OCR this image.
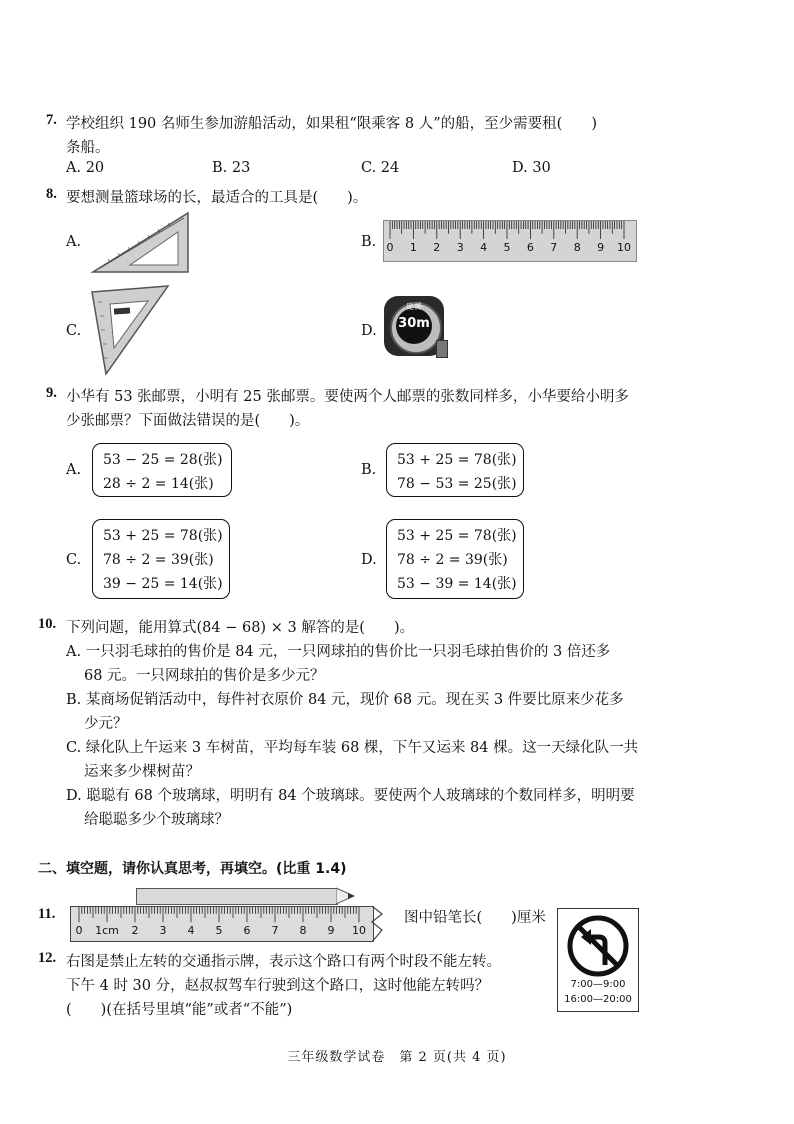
7. 学校组织 190 名师生参加游船活动，如果租“限乘客 8 人”的船，至少需要租(　　)
条船。
A. 20	B. 23	C. 24	D. 30
8. 要想测量篮球场的长，最适合的工具是(　　)。
A.	B. 0	1	2	3	4	5	6	7	8	9	10
C.	D.
庞赟
30m
9. 小华有 53 张邮票，小明有 25 张邮票。要使两个人邮票的张数同样多，小华要给小明多
少张邮票？下面做法错误的是(　　)。
A.
53 − 25 = 28(张)
28 ÷ 2 = 14(张)
B.
53 + 25 = 78(张)
78 − 53 = 25(张)
C.
53 + 25 = 78(张)
78 ÷ 2 = 39(张)
39 − 25 = 14(张)
D.
53 + 25 = 78(张)
78 ÷ 2 = 39(张)
53 − 39 = 14(张)
10. 下列问题，能用算式(84 − 68) × 3 解答的是(　　)。
A. 一只羽毛球拍的售价是 84 元，一只网球拍的售价比一只羽毛球拍售价的 3 倍还多
68 元。一只网球拍的售价是多少元？
B. 某商场促销活动中，每件衬衣原价 84 元，现价 68 元。现在买 3 件要比原来少花多
少元？
C. 绿化队上午运来 3 车树苗，平均每车装 68 棵，下午又运来 84 棵。这一天绿化队一共
运来多少棵树苗？
D. 聪聪有 68 个玻璃球，明明有 84 个玻璃球。要使两个人玻璃球的个数同样多，明明要
给聪聪多少个玻璃球？
二、填空题，请你认真思考，再填空。(比重 1.4)
11.
0	1cm	2	3	4	5	6	7	8	9	10
图中铅笔长(　　)厘米
7:00—9:00
16:00—20:00
12. 右图是禁止左转的交通指示牌，表示这个路口有两个时段不能左转。
下午 4 时 30 分，赵叔叔驾车行驶到这个路口，这时他能左转吗？
(　　)(在括号里填“能”或者“不能”)
三年级数学试卷　第 2 页(共 4 页)
